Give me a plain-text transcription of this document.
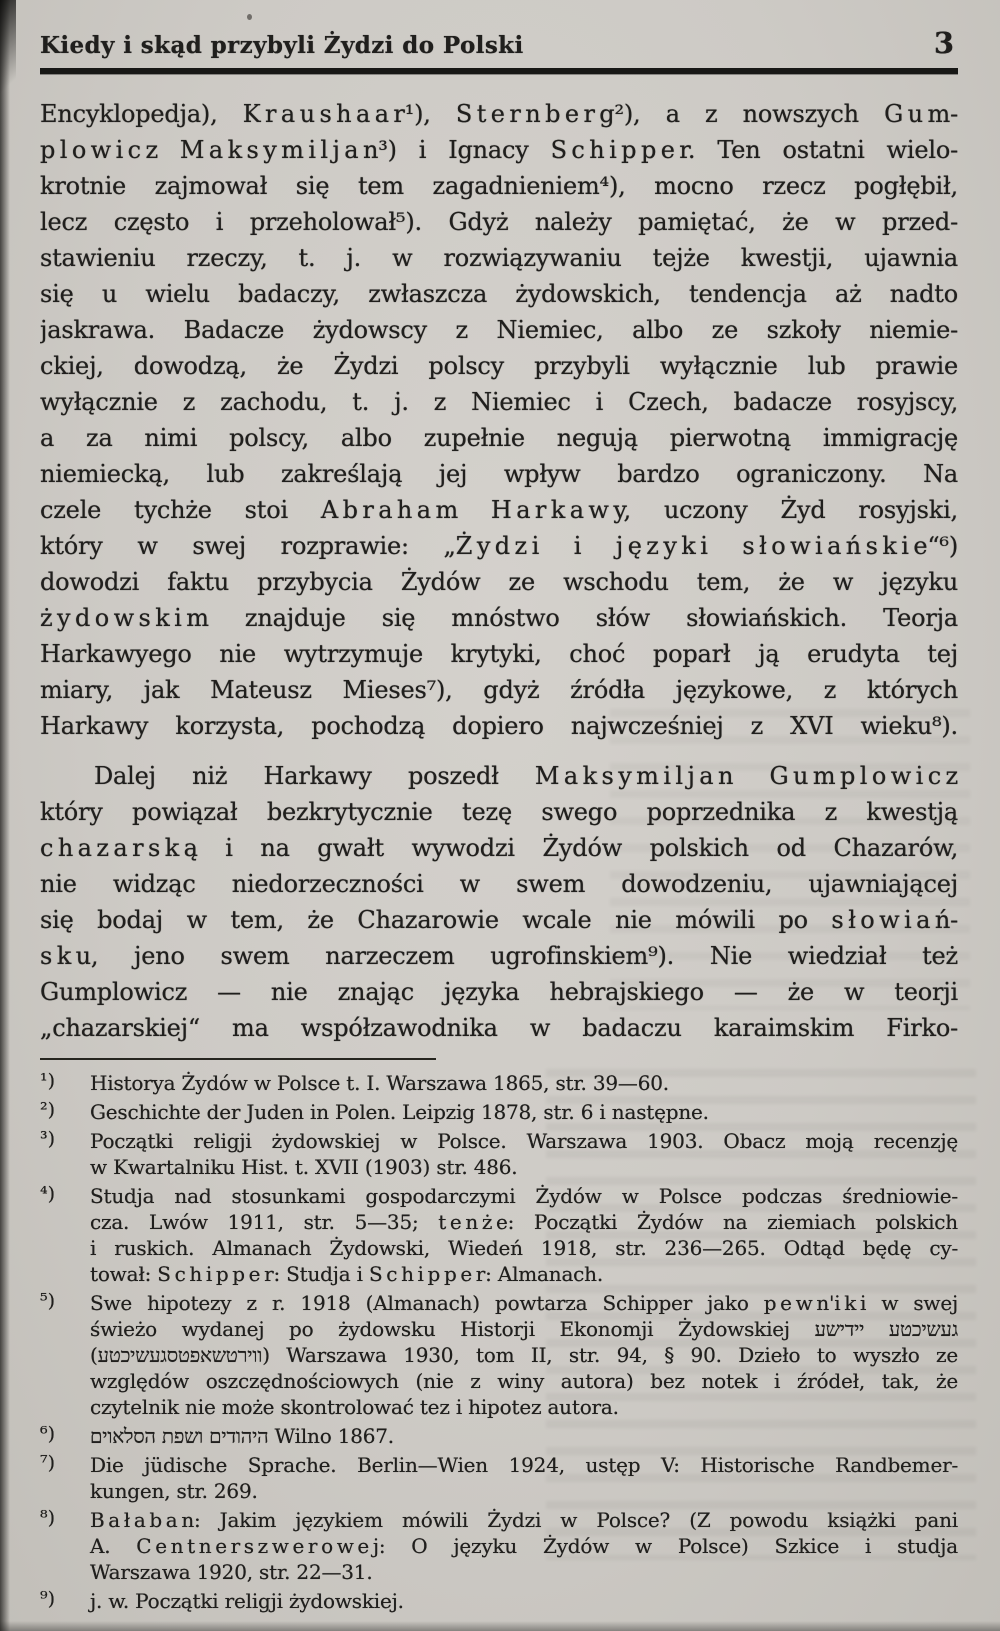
Kiedy i skąd przybyli Żydzi do Polski	3
Encyklopedja), K r a u s h a a r¹), S t e r n b e r g²), a z nowszych G u m-
p l o w i c z M a k s y m i l j a n³) i Ignacy S c h i p p e r. Ten ostatni wielo-
krotnie zajmował się tem zagadnieniem⁴), mocno rzecz pogłębił,
lecz często i przeholował⁵). Gdyż należy pamiętać, że w przed-
stawieniu rzeczy, t. j. w rozwiązywaniu tejże kwestji, ujawnia
się u wielu badaczy, zwłaszcza żydowskich, tendencja aż nadto
jaskrawa. Badacze żydowscy z Niemiec, albo ze szkoły niemie-
ckiej, dowodzą, że Żydzi polscy przybyli wyłącznie lub prawie
wyłącznie z zachodu, t. j. z Niemiec i Czech, badacze rosyjscy,
a za nimi polscy, albo zupełnie negują pierwotną immigrację
niemiecką, lub zakreślają jej wpływ bardzo ograniczony. Na
czele tychże stoi A b r a h a m H a r k a w y, uczony Żyd rosyjski,
który w swej rozprawie: „Ż y d z i i j ę z y k i s ł o w i a ń s k i e“⁶)
dowodzi faktu przybycia Żydów ze wschodu tem, że w języku
ż y d o w s k i m znajduje się mnóstwo słów słowiańskich. Teorja
Harkawyego nie wytrzymuje krytyki, choć poparł ją erudyta tej
miary, jak Mateusz Mieses⁷), gdyż źródła językowe, z których
Harkawy korzysta, pochodzą dopiero najwcześniej z XVI wieku⁸).
Dalej niż Harkawy poszedł M a k s y m i l j a n G u m p l o w i c z
który powiązał bezkrytycznie tezę swego poprzednika z kwestją
c h a z a r s k ą i na gwałt wywodzi Żydów polskich od Chazarów,
nie widząc niedorzeczności w swem dowodzeniu, ujawniającej
się bodaj w tem, że Chazarowie wcale nie mówili po s ł o w i a ń-
s k u, jeno swem narzeczem ugrofinskiem⁹). Nie wiedział też
Gumplowicz — nie znając języka hebrajskiego — że w teorji
„chazarskiej“ ma współzawodnika w badaczu karaimskim Firko-
¹)	Historya Żydów w Polsce t. I. Warszawa 1865, str. 39—60.
²)	Geschichte der Juden in Polen. Leipzig 1878, str. 6 i następne.
³)	Początki religji żydowskiej w Polsce. Warszawa 1903. Obacz moją recenzję
w Kwartalniku Hist. t. XVII (1903) str. 486.
⁴)	Studja nad stosunkami gospodarczymi Żydów w Polsce podczas średniowie-
cza. Lwów 1911, str. 5—35; t e n ż e: Początki Żydów na ziemiach polskich
i ruskich. Almanach Żydowski, Wiedeń 1918, str. 236—265. Odtąd będę cy-
tował: S c h i p p e r: Studja i S c h i p p e r: Almanach.
⁵)	Swe hipotezy z r. 1918 (Almanach) powtarza Schipper jako p e w n'i k i w swej
świeżo wydanej po żydowsku Historji Ekonomji Żydowskiej געשיכטע יידישע
(ווירטשאפטסגעשיכטע) Warszawa 1930, tom II, str. 94, § 90. Dzieło to wyszło ze
względów oszczędnościowych (nie z winy autora) bez notek i źródeł, tak, że
czytelnik nie może skontrolować tez i hipotez autora.
⁶)	היהודים ושפת הסלאוים Wilno 1867.
⁷)	Die jüdische Sprache. Berlin—Wien 1924, ustęp V: Historische Randbemer-
kungen, str. 269.
⁸)	B a ł a b a n: Jakim językiem mówili Żydzi w Polsce? (Z powodu książki pani
A. C e n t n e r s z w e r o w e j: O języku Żydów w Polsce) Szkice i studja
Warszawa 1920, str. 22—31.
⁹)	j. w. Początki religji żydowskiej.
